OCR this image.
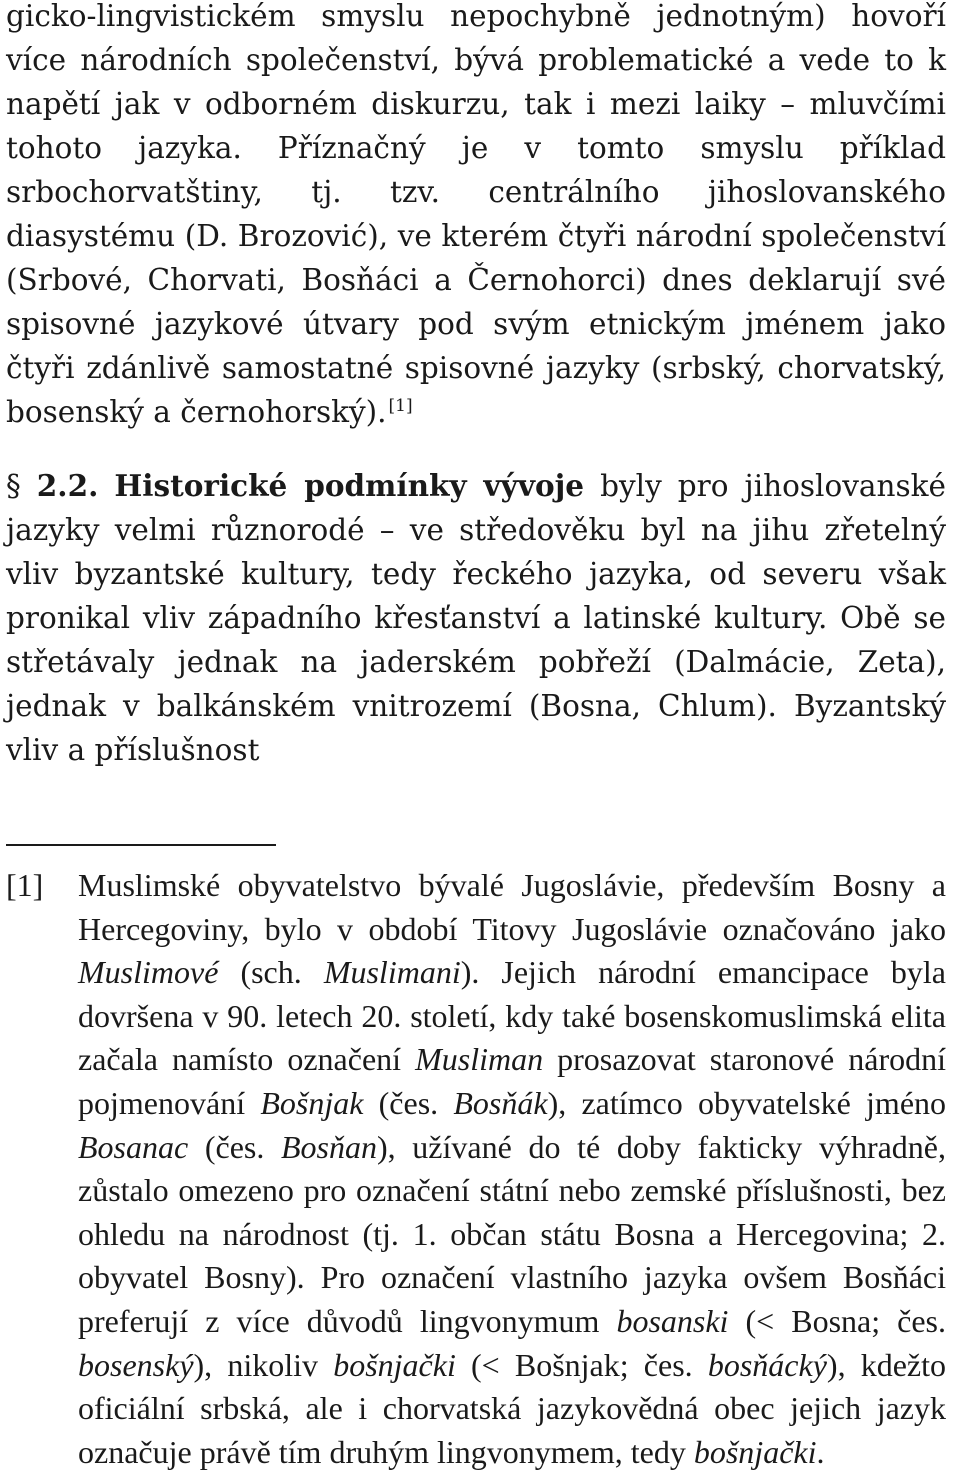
gicko-lingvistickém smyslu nepochybně jednotným) hovoří více národních společenství, bývá problematické a vede to k napětí jak v odborném diskurzu, tak i mezi laiky – mluvčími tohoto jazyka. Příznačný je v tomto smyslu příklad srbochorvatštiny, tj. tzv. centrálního jihoslovanského diasystému (D. Brozović), ve kterém čtyři národní společenství (Srbové, Chorvati, Bosňáci a Černohorci) dnes deklarují své spisovné jazykové útvary pod svým etnickým jménem jako čtyři zdánlivě samostatné spisovné jazyky (srbský, chorvatský, bosenský a černohorský). [1]

§ 2.2. Historické podmínky vývoje byly pro jihoslovanské jazyky velmi různorodé – ve středověku byl na jihu zřetelný vliv byzantské kultury, tedy řeckého jazyka, od severu však pronikal vliv západního křesťanství a latinské kultury. Obě se střetávaly jednak na jaderském pobřeží (Dalmácie, Zeta), jednak v balkánském vnitrozemí (Bosna, Chlum). Byzantský vliv a příslušnost

[1]	Muslimské obyvatelstvo bývalé Jugoslávie, především Bosny a Hercegoviny, bylo v období Titovy Jugoslávie označováno jako Muslimové (sch. Muslimani). Jejich národní emancipace byla dovršena v 90. letech 20. století, kdy také bosenskomuslimská elita začala namísto označení Musliman prosazovat staronové národní pojmenování Bošnjak (čes. Bosňák), zatímco obyvatelské jméno Bosanac (čes. Bosňan), užívané do té doby fakticky výhradně, zůstalo omezeno pro označení státní nebo zemské příslušnosti, bez ohledu na národnost (tj. 1. občan státu Bosna a Hercegovina; 2. obyvatel Bosny). Pro označení vlastního jazyka ovšem Bosňáci preferují z více důvodů lingvonymum bosanski (< Bosna; čes. bosenský), nikoliv bošnjački (< Bošnjak; čes. bosňácký), kdežto oficiální srbská, ale i chorvatská jazykovědná obec jejich jazyk označuje právě tím druhým lingvonymem, tedy bošnjački.
